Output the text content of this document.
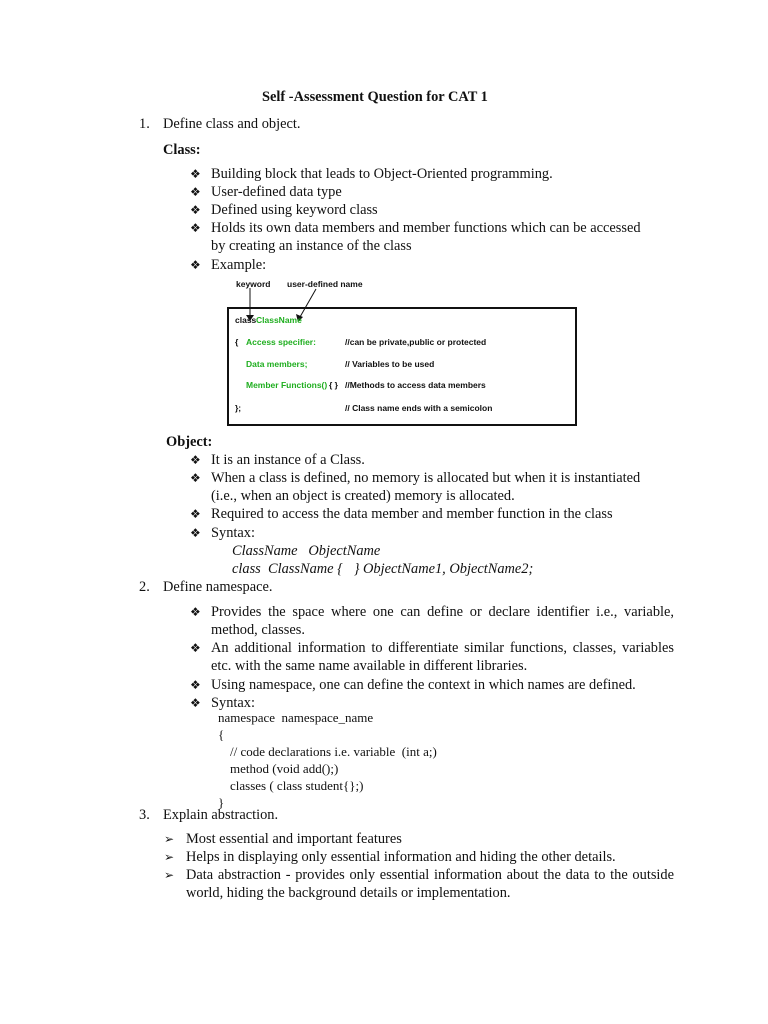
Self -Assessment Question for CAT 1
1. Define class and object.
Class:
❖ Building block that leads to Object-Oriented programming.
❖ User-defined data type
❖ Defined using keyword class
❖ Holds its own data members and member functions which can be accessed
by creating an instance of the class
❖ Example:
keyword user-defined name
class ClassName
{ Access specifier:	//can be private,public or protected
Data members;	// Variables to be used
Member Functions() { } //Methods to access data members
};	// Class name ends with a semicolon
Object:
❖ It is an instance of a Class.
❖ When a class is defined, no memory is allocated but when it is instantiated
(i.e., when an object is created) memory is allocated.
❖ Required to access the data member and member function in the class
❖ Syntax:
ClassName   ObjectName
class  ClassName {   } ObjectName1, ObjectName2;
2. Define namespace.
❖ Provides the space where one can define or declare identifier i.e., variable, method, classes.
❖ An additional information to differentiate similar functions, classes, variables etc. with the same name available in different libraries.
❖ Using namespace, one can define the context in which names are defined.
❖ Syntax:
namespace  namespace_name
{
// code declarations i.e. variable  (int a;)
method (void add();)
classes ( class student{};)
}
3. Explain abstraction.
➢ Most essential and important features
➢ Helps in displaying only essential information and hiding the other details.
➢ Data abstraction - provides only essential information about the data to the outside world, hiding the background details or implementation.
